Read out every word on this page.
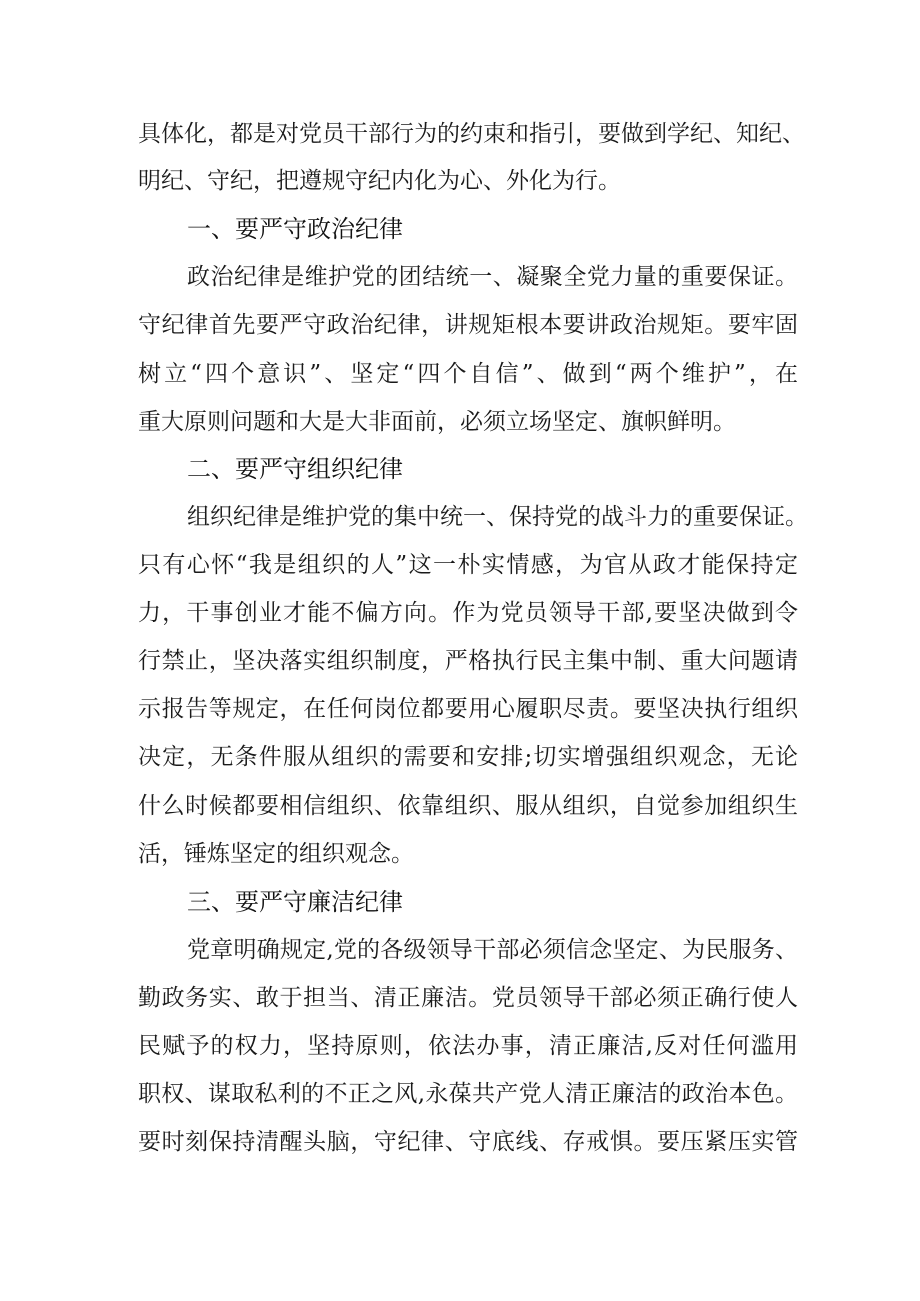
具体化，都是对党员干部行为的约束和指引，要做到学纪、知纪、
明纪、守纪，把遵规守纪内化为心、外化为行。
一、要严守政治纪律
政治纪律是维护党的团结统一、凝聚全党力量的重要保证。
守纪律首先要严守政治纪律，讲规矩根本要讲政治规矩。要牢固
树立“四个意识”、坚定“四个自信”、做到“两个维护”，在
重大原则问题和大是大非面前，必须立场坚定、旗帜鲜明。
二、要严守组织纪律
组织纪律是维护党的集中统一、保持党的战斗力的重要保证。
只有心怀“我是组织的人”这一朴实情感，为官从政才能保持定
力，干事创业才能不偏方向。作为党员领导干部,要坚决做到令
行禁止，坚决落实组织制度，严格执行民主集中制、重大问题请
示报告等规定，在任何岗位都要用心履职尽责。要坚决执行组织
决定，无条件服从组织的需要和安排;切实增强组织观念，无论
什么时候都要相信组织、依靠组织、服从组织，自觉参加组织生
活，锤炼坚定的组织观念。
三、要严守廉洁纪律
党章明确规定,党的各级领导干部必须信念坚定、为民服务、
勤政务实、敢于担当、清正廉洁。党员领导干部必须正确行使人
民赋予的权力，坚持原则，依法办事，清正廉洁,反对任何滥用
职权、谋取私利的不正之风,永葆共产党人清正廉洁的政治本色。
要时刻保持清醒头脑，守纪律、守底线、存戒惧。要压紧压实管
